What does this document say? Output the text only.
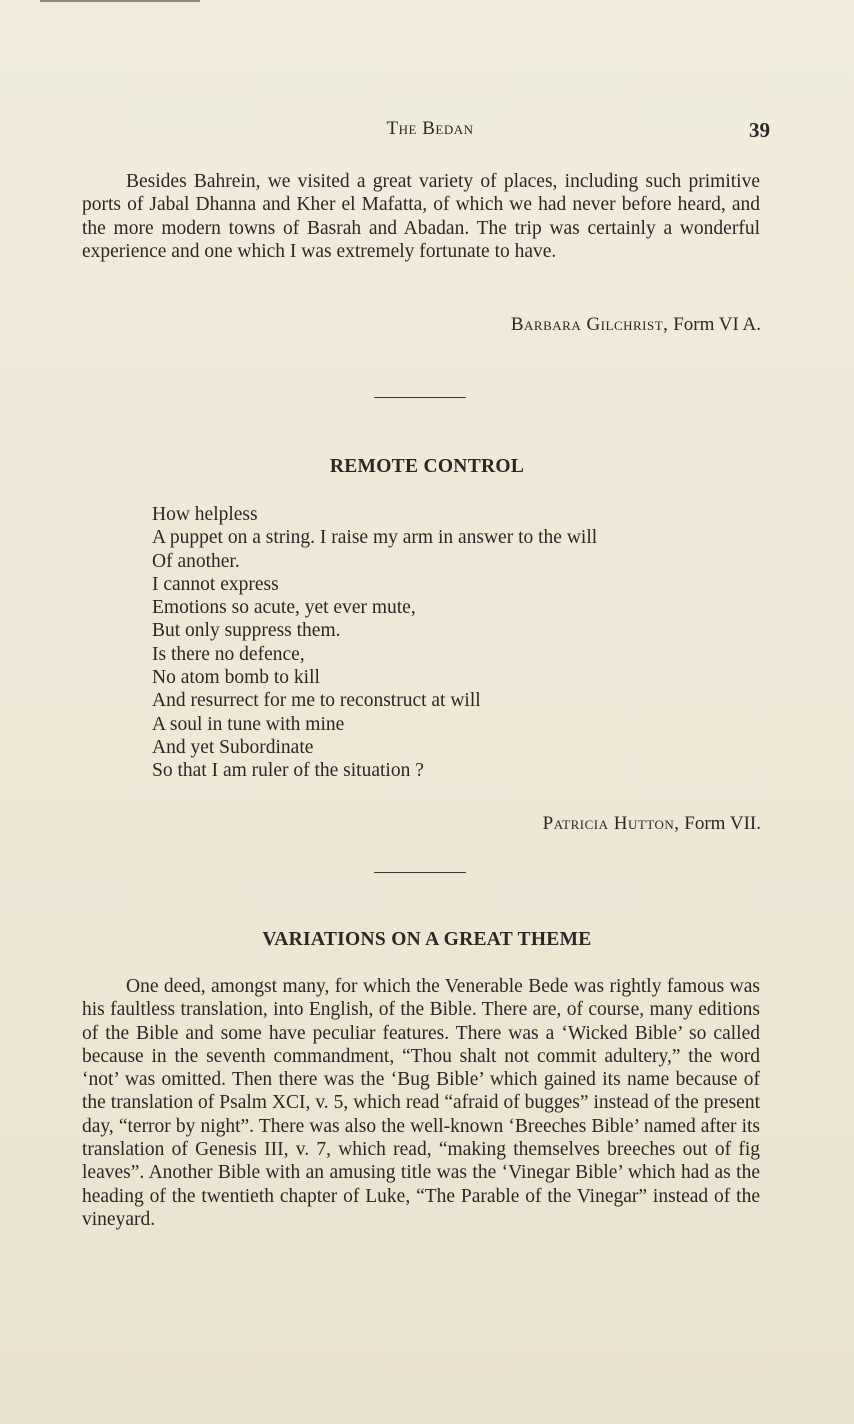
The Bedan	39

Besides Bahrein, we visited a great variety of places, including such primitive ports of Jabal Dhanna and Kher el Mafatta, of which we had never before heard, and the more modern towns of Basrah and Abadan. The trip was certainly a wonderful experience and one which I was extremely fortunate to have.

Barbara Gilchrist, Form VI A.
REMOTE CONTROL
How helpless
A puppet on a string. I raise my arm in answer to the will
Of another.
I cannot express
Emotions so acute, yet ever mute,
But only suppress them.
Is there no defence,
No atom bomb to kill
And resurrect for me to reconstruct at will
A soul in tune with mine
And yet Subordinate
So that I am ruler of the situation ?
Patricia Hutton, Form VII.
VARIATIONS ON A GREAT THEME

One deed, amongst many, for which the Venerable Bede was rightly famous was his faultless translation, into English, of the Bible. There are, of course, many editions of the Bible and some have peculiar features. There was a ‘Wicked Bible’ so called because in the seventh commandment, “Thou shalt not commit adultery,” the word ‘not’ was omitted. Then there was the ‘Bug Bible’ which gained its name because of the translation of Psalm XCI, v. 5, which read “afraid of bugges” instead of the present day, “terror by night”. There was also the well-known ‘Breeches Bible’ named after its translation of Genesis III, v. 7, which read, “making themselves breeches out of fig leaves”. Another Bible with an amusing title was the ‘Vinegar Bible’ which had as the heading of the twentieth chapter of Luke, “The Parable of the Vinegar” instead of the vineyard.
